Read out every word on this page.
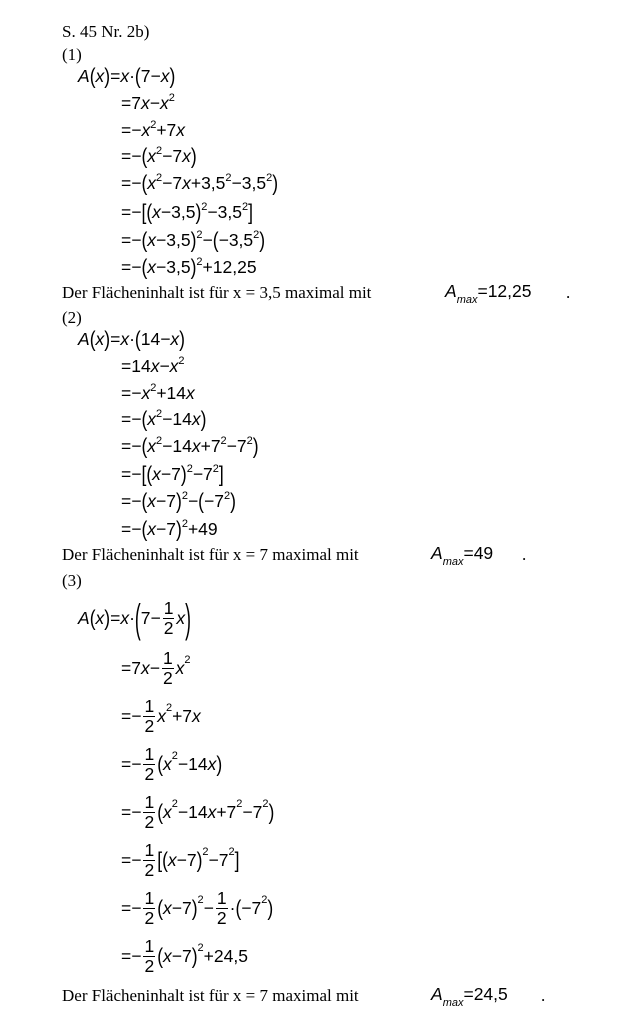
S. 45 Nr. 2b)
(1)
A(x)=x·(7−x)
$=7x-x^2$
$=-x^2+7x$
$=-(x^2-7x)$
$=-(x^2-7x+3,5^2-3,5^2)$
$=-[(x-3,5)^2-3,5^2]$
$=-(x-3,5)^2-(-3,5^2)$
$=-(x-3,5)^2+12,25$
Der Flächeninhalt ist für x = 3,5 maximal mit	$A_{max}=12,25$ .
(2)
A(x)=x·(14−x)
$=14x-x^2$
$=-x^2+14x$
$=-(x^2-14x)$
$=-(x^2-14x+7^2-7^2)$
$=-[(x-7)^2-7^2]$
$=-(x-7)^2-(-7^2)$
$=-(x-7)^2+49$
Der Flächeninhalt ist für x = 7 maximal mit	$A_{max}=49$ .
(3)
A ( x ) = x · ( $7- \frac{1}{2}$ x )
=7 $x - \frac{1}{2} x^2$
=− $\frac{1}{2} x^2 +7$ x
=− $\frac{1}{2}$ ( $x^2 -14$ x )
=− $\frac{1}{2}$ ( $x^2 -14$ $x +7^2 -7^2$ )
=− $\frac{1}{2}$ [ ( x −7 )$^2 -7^2$ ]
=− $\frac{1}{2}$ ( x −7 )$^2 - \frac{1}{2}$ · ( $-7^2$ )
=− $\frac{1}{2}$ ( x −7 )$^2$ +24,5
Der Flächeninhalt ist für x = 7 maximal mit	$A_{max}=24,5$ .
